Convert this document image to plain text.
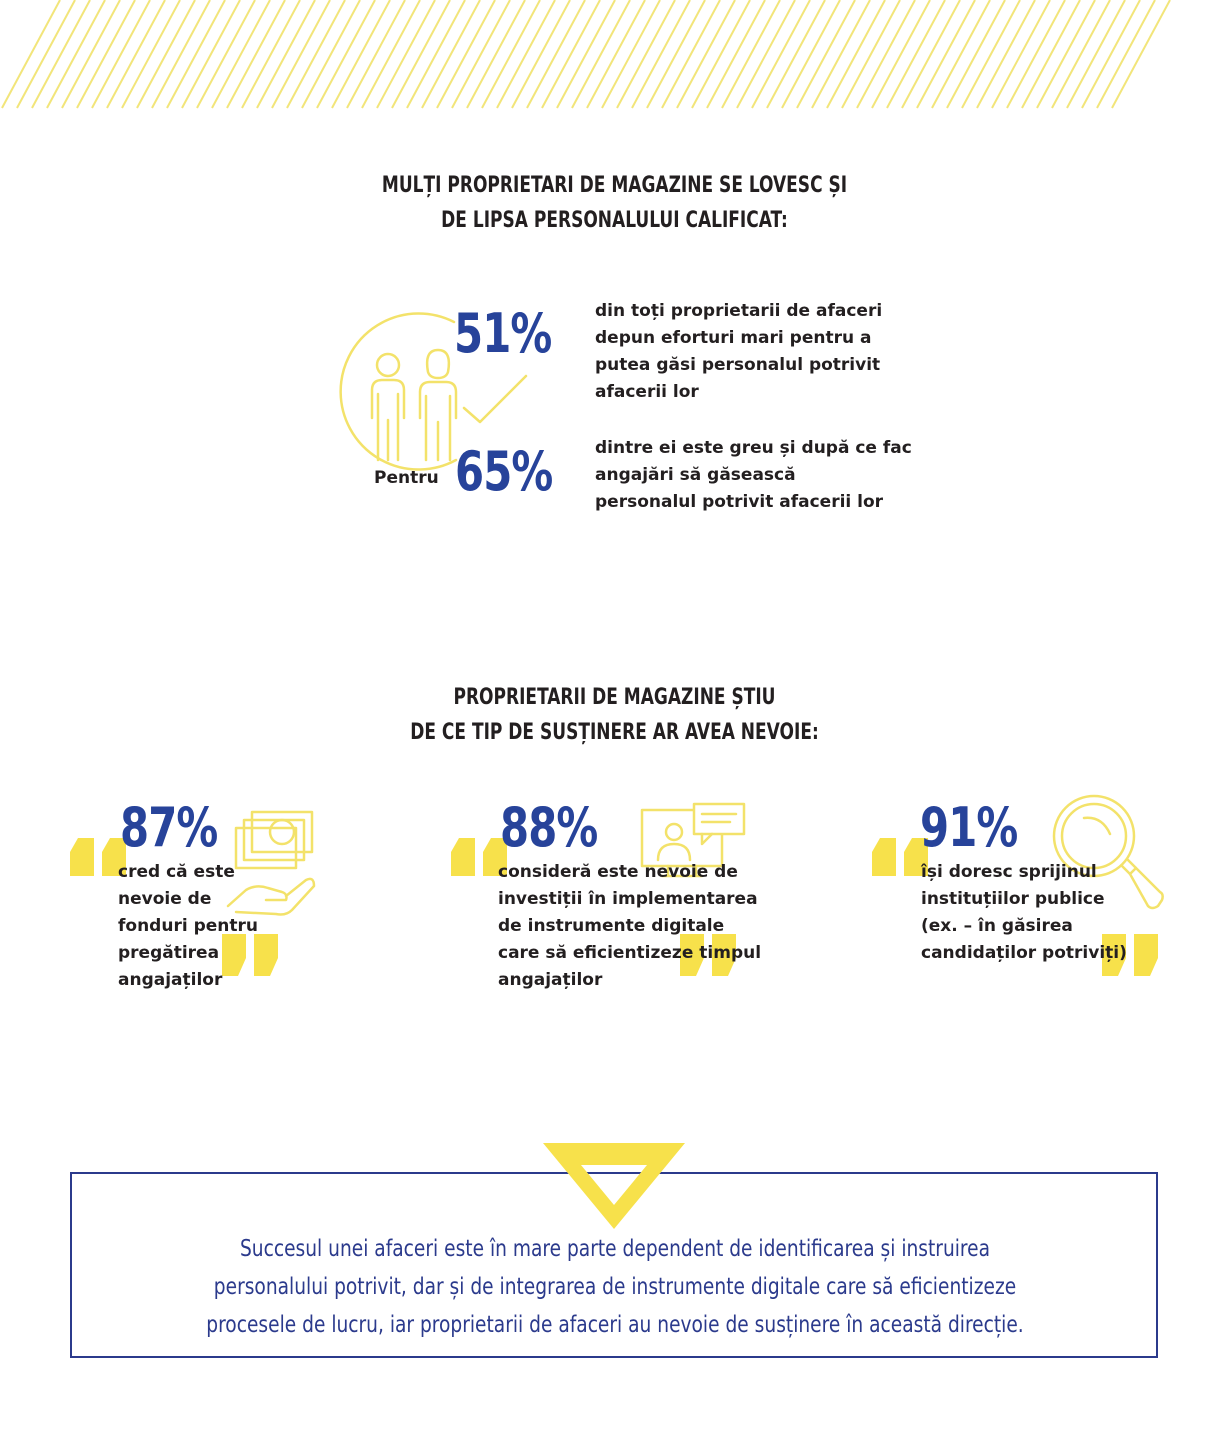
MULȚI PROPRIETARI DE MAGAZINE SE LOVESC ȘI
DE LIPSA PERSONALULUI CALIFICAT:
51%	din toți proprietarii de afaceri
depun eforturi mari pentru a
putea găsi personalul potrivit
afacerii lor
Pentru 65%	dintre ei este greu și după ce fac
angajări să găsească
personalul potrivit afacerii lor
PROPRIETARII DE MAGAZINE ȘTIU
DE CE TIP DE SUSȚINERE AR AVEA NEVOIE:
87%
cred că este
nevoie de
fonduri pentru
pregătirea
angajaților
88%
consideră este nevoie de
investiții în implementarea
de instrumente digitale
care să eficientizeze timpul
angajaților
91%
își doresc sprijinul
instituțiilor publice
(ex. – în găsirea
candidaților potriviți)
Succesul unei afaceri este în mare parte dependent de identificarea și instruirea
personalului potrivit, dar și de integrarea de instrumente digitale care să eficientizeze
procesele de lucru, iar proprietarii de afaceri au nevoie de susținere în această direcție.
